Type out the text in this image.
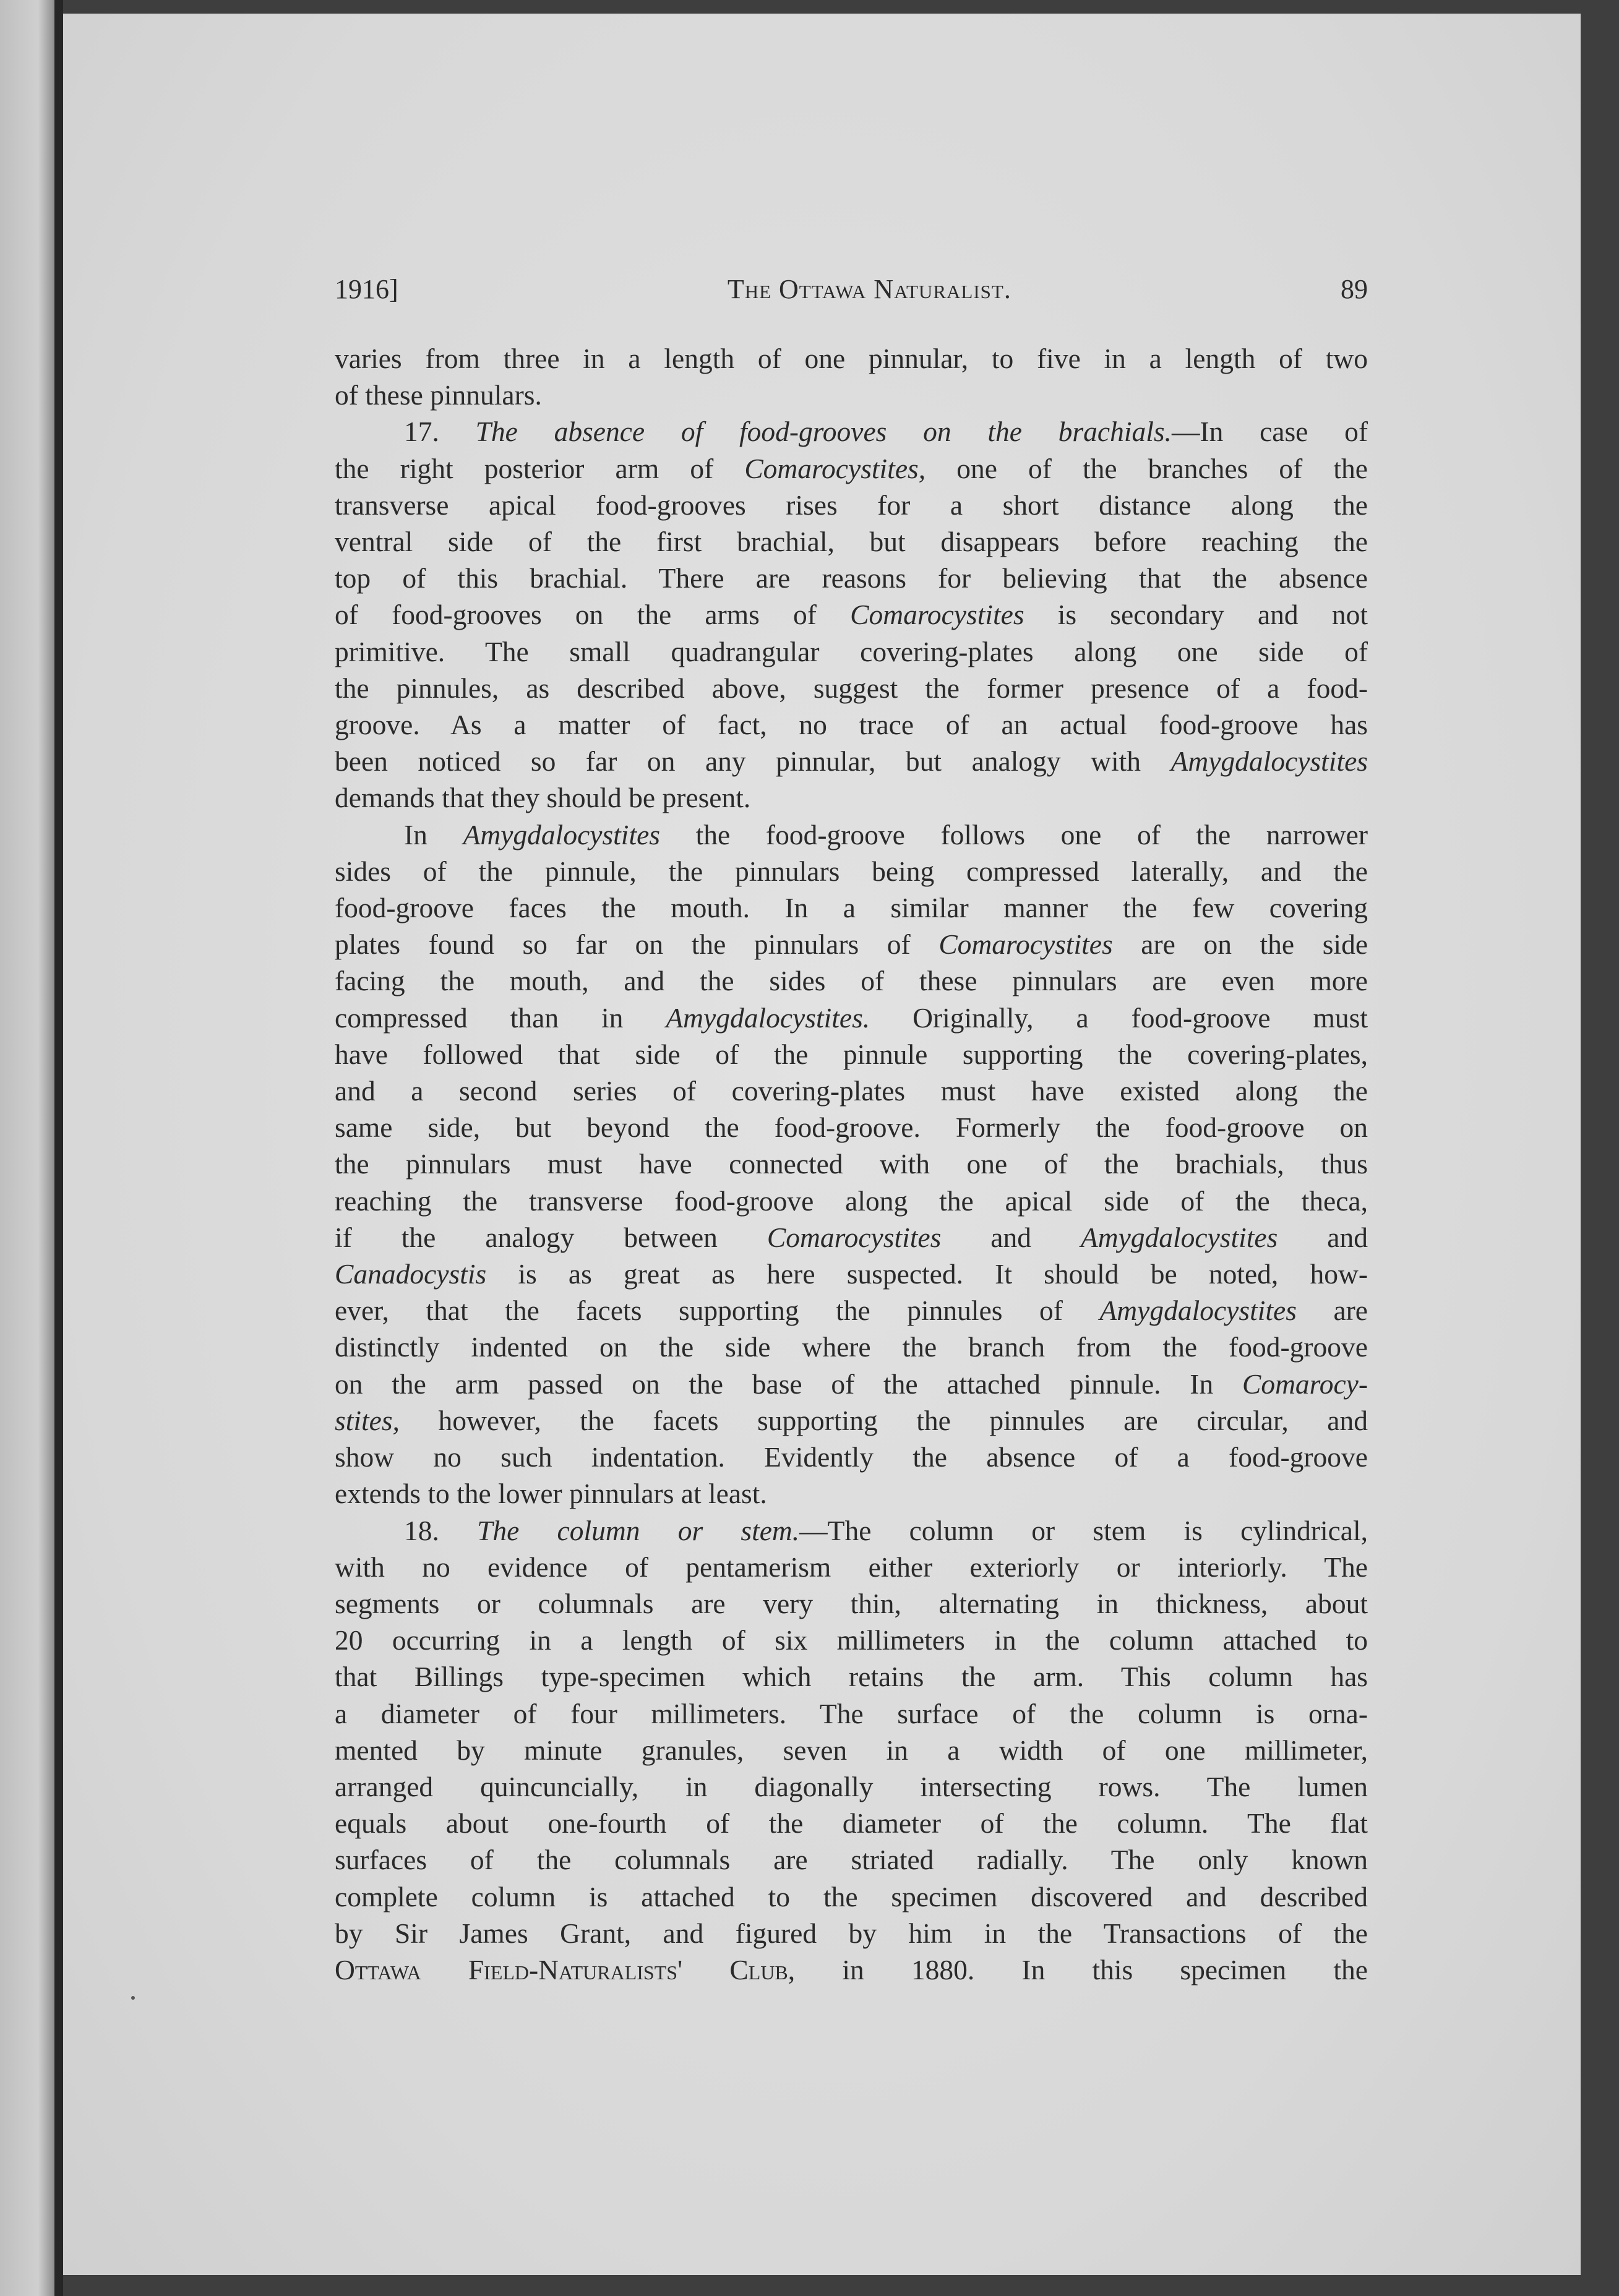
1916]	The Ottawa Naturalist.	89
varies from three in a length of one pinnular, to five in a length of two
of these pinnulars.
17. The absence of food-grooves on the brachials.—In case of
the right posterior arm of Comarocystites, one of the branches of the
transverse apical food-grooves rises for a short distance along the
ventral side of the first brachial, but disappears before reaching the
top of this brachial. There are reasons for believing that the absence
of food-grooves on the arms of Comarocystites is secondary and not
primitive. The small quadrangular covering-plates along one side of
the pinnules, as described above, suggest the former presence of a food-
groove. As a matter of fact, no trace of an actual food-groove has
been noticed so far on any pinnular, but analogy with Amygdalocystites
demands that they should be present.
In Amygdalocystites the food-groove follows one of the narrower
sides of the pinnule, the pinnulars being compressed laterally, and the
food-groove faces the mouth. In a similar manner the few covering
plates found so far on the pinnulars of Comarocystites are on the side
facing the mouth, and the sides of these pinnulars are even more
compressed than in Amygdalocystites. Originally, a food-groove must
have followed that side of the pinnule supporting the covering-plates,
and a second series of covering-plates must have existed along the
same side, but beyond the food-groove. Formerly the food-groove on
the pinnulars must have connected with one of the brachials, thus
reaching the transverse food-groove along the apical side of the theca,
if the analogy between Comarocystites and Amygdalocystites and
Canadocystis is as great as here suspected. It should be noted, how-
ever, that the facets supporting the pinnules of Amygdalocystites are
distinctly indented on the side where the branch from the food-groove
on the arm passed on the base of the attached pinnule. In Comarocy-
stites, however, the facets supporting the pinnules are circular, and
show no such indentation. Evidently the absence of a food-groove
extends to the lower pinnulars at least.
18. The column or stem.—The column or stem is cylindrical,
with no evidence of pentamerism either exteriorly or interiorly. The
segments or columnals are very thin, alternating in thickness, about
20 occurring in a length of six millimeters in the column attached to
that Billings type-specimen which retains the arm. This column has
a diameter of four millimeters. The surface of the column is orna-
mented by minute granules, seven in a width of one millimeter,
arranged quincuncially, in diagonally intersecting rows. The lumen
equals about one-fourth of the diameter of the column. The flat
surfaces of the columnals are striated radially. The only known
complete column is attached to the specimen discovered and described
by Sir James Grant, and figured by him in the Transactions of the
Ottawa Field-Naturalists' Club, in 1880. In this specimen the
